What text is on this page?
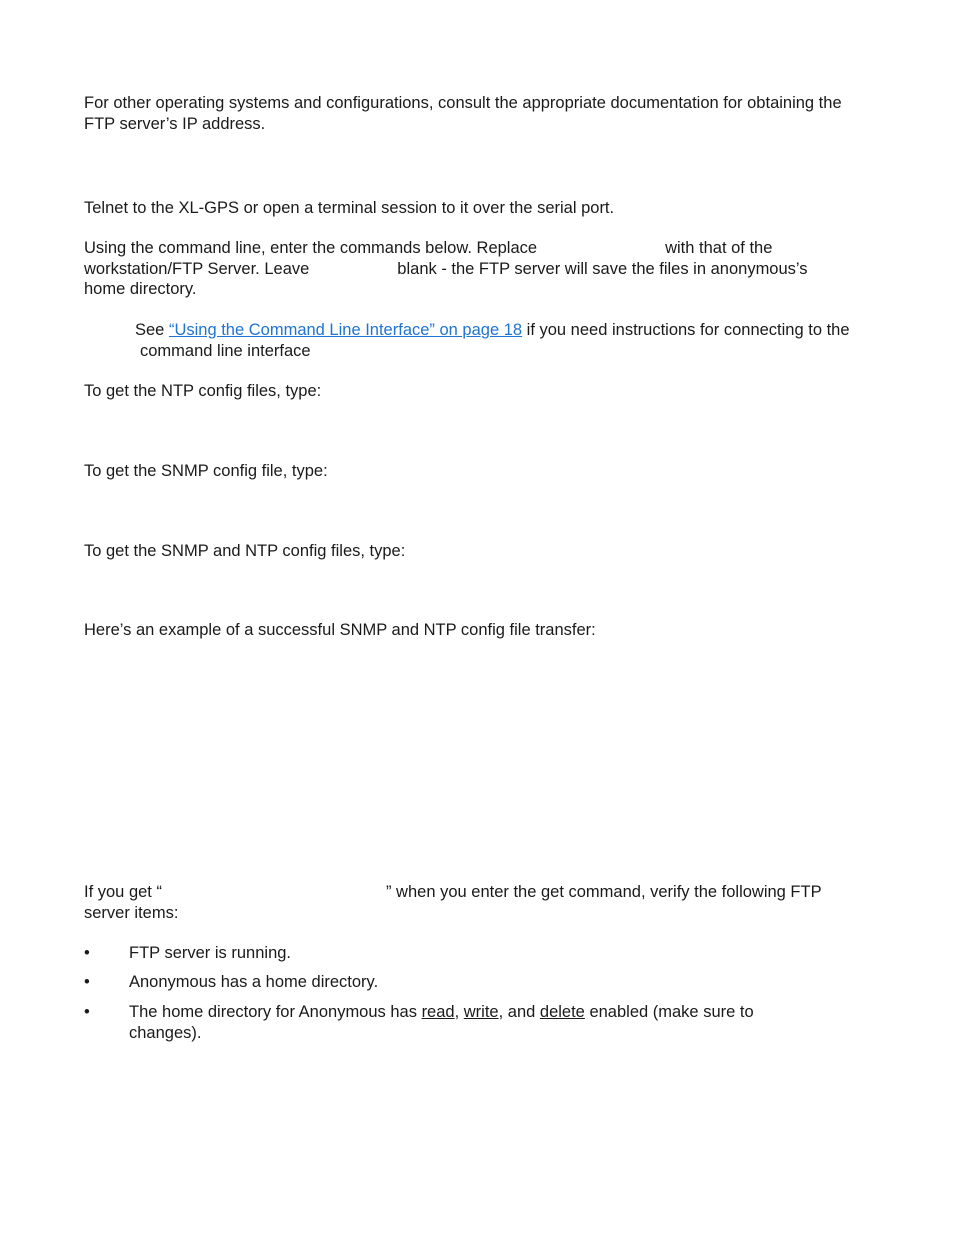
For other operating systems and configurations, consult the appropriate documentation for obtaining the
FTP server’s IP address.

Telnet to the XL-GPS or open a terminal session to it over the serial port.

Using the command line, enter the commands below. Replace	with that of the
workstation/FTP Server. Leave	blank - the FTP server will save the files in anonymous’s
home directory.

See “Using the Command Line Interface” on page 18 if you need instructions for connecting to the
command line interface

To get the NTP config files, type:

To get the SNMP config file, type:

To get the SNMP and NTP config files, type:

Here’s an example of a successful SNMP and NTP config file transfer:

If you get “	” when you enter the get command, verify the following FTP
server items:

• FTP server is running.
• Anonymous has a home directory.
• The home directory for Anonymous has read, write, and delete enabled (make sure to
changes).
